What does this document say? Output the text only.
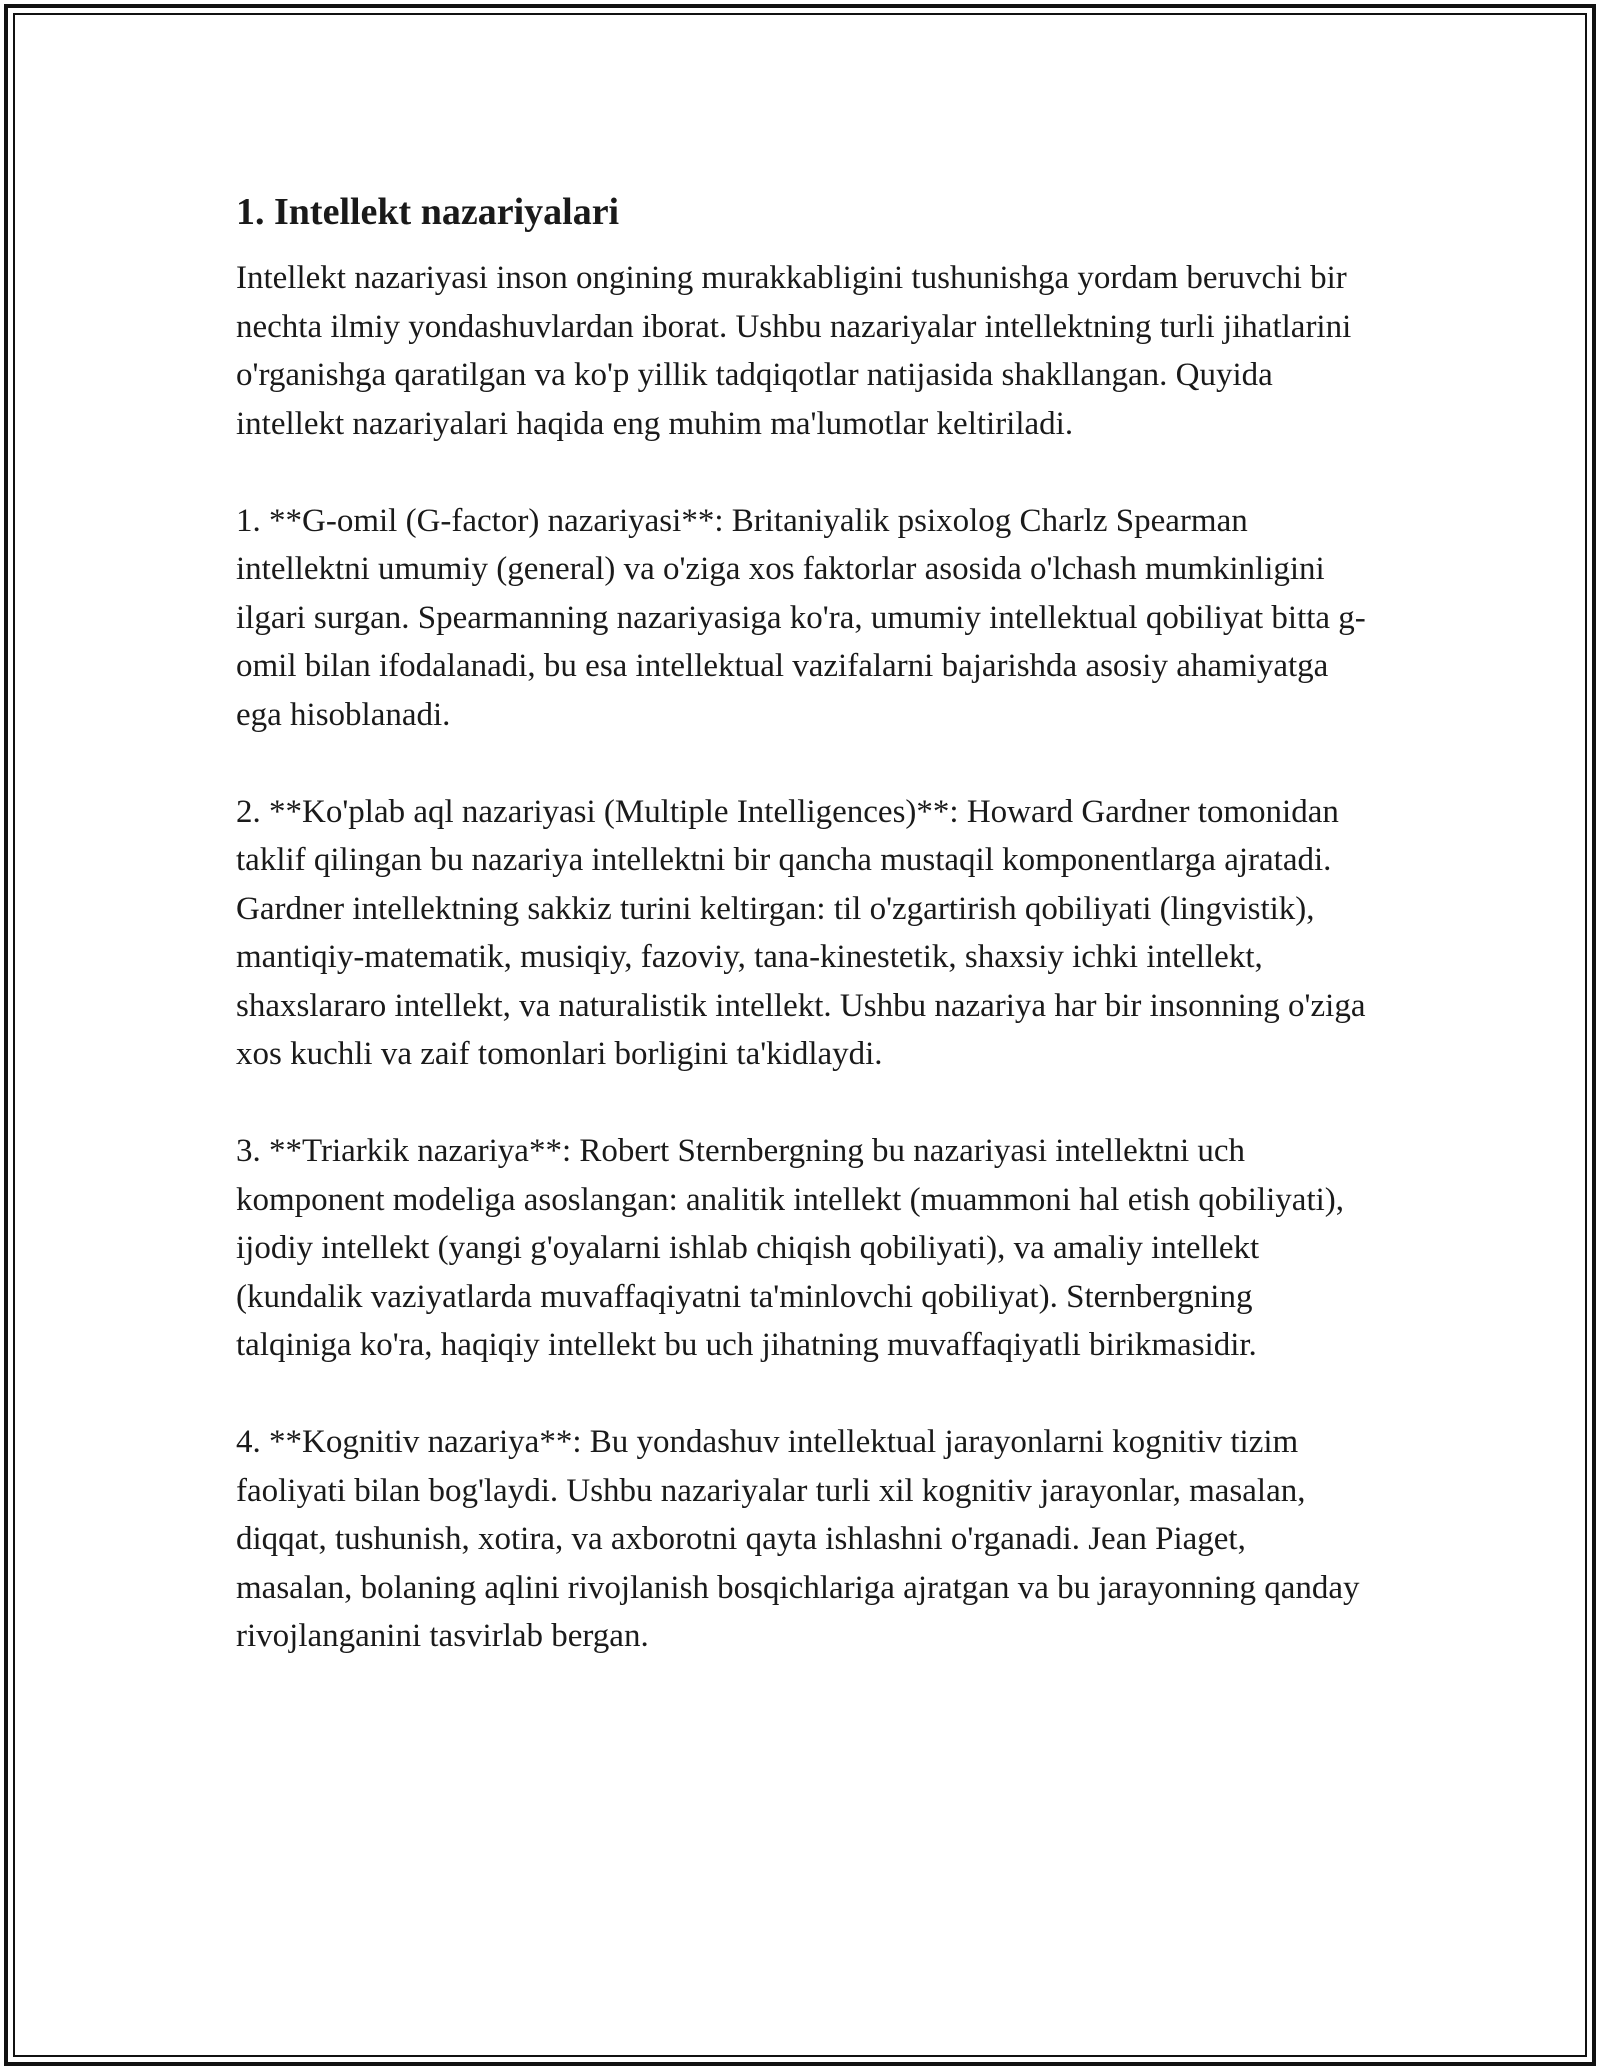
1. Intellekt nazariyalari

Intellekt nazariyasi inson ongining murakkabligini tushunishga yordam beruvchi bir nechta ilmiy yondashuvlardan iborat. Ushbu nazariyalar intellektning turli jihatlarini o'rganishga qaratilgan va ko'p yillik tadqiqotlar natijasida shakllangan. Quyida intellekt nazariyalari haqida eng muhim ma'lumotlar keltiriladi.

1. **G-omil (G-factor) nazariyasi**: Britaniyalik psixolog Charlz Spearman intellektni umumiy (general) va o'ziga xos faktorlar asosida o'lchash mumkinligini ilgari surgan. Spearmanning nazariyasiga ko'ra, umumiy intellektual qobiliyat bitta g-omil bilan ifodalanadi, bu esa intellektual vazifalarni bajarishda asosiy ahamiyatga ega hisoblanadi.

2. **Ko'plab aql nazariyasi (Multiple Intelligences)**: Howard Gardner tomonidan taklif qilingan bu nazariya intellektni bir qancha mustaqil komponentlarga ajratadi. Gardner intellektning sakkiz turini keltirgan: til o'zgartirish qobiliyati (lingvistik), mantiqiy-matematik, musiqiy, fazoviy, tana-kinestetik, shaxsiy ichki intellekt, shaxslararo intellekt, va naturalistik intellekt. Ushbu nazariya har bir insonning o'ziga xos kuchli va zaif tomonlari borligini ta'kidlaydi.

3. **Triarkik nazariya**: Robert Sternbergning bu nazariyasi intellektni uch komponent modeliga asoslangan: analitik intellekt (muammoni hal etish qobiliyati), ijodiy intellekt (yangi g'oyalarni ishlab chiqish qobiliyati), va amaliy intellekt (kundalik vaziyatlarda muvaffaqiyatni ta'minlovchi qobiliyat). Sternbergning talqiniga ko'ra, haqiqiy intellekt bu uch jihatning muvaffaqiyatli birikmasidir.

4. **Kognitiv nazariya**: Bu yondashuv intellektual jarayonlarni kognitiv tizim faoliyati bilan bog'laydi. Ushbu nazariyalar turli xil kognitiv jarayonlar, masalan, diqqat, tushunish, xotira, va axborotni qayta ishlashni o'rganadi. Jean Piaget, masalan, bolaning aqlini rivojlanish bosqichlariga ajratgan va bu jarayonning qanday rivojlanganini tasvirlab bergan.
